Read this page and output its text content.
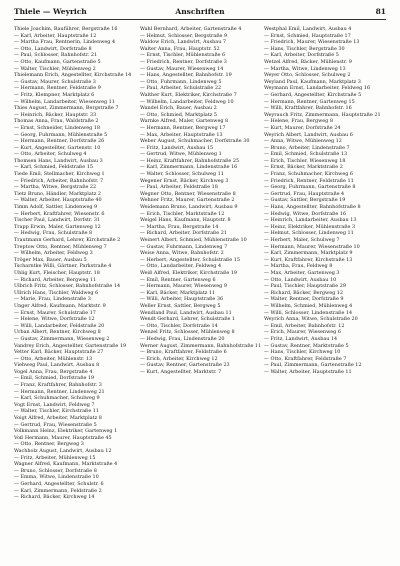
Thiele — Weyrich	Anschriften	81

Thiele Joachim, Bauführer, Bergstraße 16

— Karl, Arbeiter, Hauptstraße 12

— Martha Frau, Rentnerin, Lindenweg 4

— Otto, Landwirt, Dorfstraße 8

— Paul, Schlosser, Bahnhofstr. 21

— Otto, Kaufmann, Gartenstraße 5

— Walter, Tischler, Mühlenweg 2

Thielemann Erich, Angestellter, Kirchstraße 14

— Gustav, Maurer, Schulstraße 3

— Hermann, Rentner, Feldstraße 9

— Fritz, Klempner, Marktplatz 6

— Wilhelm, Landarbeiter, Wiesenweg 11

Thies August, Zimmermann, Bergstraße 7

— Heinrich, Bäcker, Hauptstr. 33

Thomas Anna, Frau, Waldstraße 2

— Ernst, Schneider, Lindenweg 18

— Georg, Fuhrmann, Mühlenstraße 5

— Hermann, Rentner, Dorfstraße 26

— Kurt, Angestellter, Gartenstr. 10

— Otto, Arbeiter, Schulweg 4

Thomsen Hans, Landwirt, Ausbau 3

— Karl, Schmied, Feldstraße 15

Tiede Emil, Stellmacher, Kirchweg 1

— Friedrich, Arbeiter, Bahnhofstr. 7

— Martha, Witwe, Bergstraße 22

Tietz Bruno, Händler, Marktplatz 2

— Walter, Arbeiter, Hauptstraße 40

Timm Adolf, Sattler, Lindenweg 9

— Herbert, Kraftfahrer, Wiesenstr. 6

Tischer Paul, Landwirt, Dorfstr. 31

Trapp Erwin, Maler, Gartenweg 12

— Hedwig, Frau, Schulstraße 8

Trautmann Gerhard, Lehrer, Kirchstraße 2

Treptow Otto, Rentner, Mühlenweg 7

— Wilhelm, Arbeiter, Feldweg 3

Tröger Max, Bauer, Ausbau 5

Tscharntke Willi, Gärtner, Parkstraße 4

Uhlig Kurt, Fleischer, Hauptstr. 18

— Richard, Arbeiter, Bergweg 11

Ulbrich Fritz, Schlosser, Bahnhofstraße 14

Ullrich Hans, Tischler, Waldweg 6

— Marie, Frau, Lindenstraße 3

Unger Alfred, Kaufmann, Marktstr. 9

— Ernst, Maurer, Schulstraße 17

— Helene, Witwe, Dorfstraße 12

— Willi, Landarbeiter, Feldstraße 20

Urban Albert, Rentner, Kirchweg 8

— Gustav, Zimmermann, Wiesenweg 2

Vandrey Erich, Angestellter, Gartenstraße 19

Vetter Karl, Bäcker, Hauptstraße 27

— Otto, Arbeiter, Mühlenstr. 13

Viehweg Paul, Landwirt, Ausbau 8

Vogel Anna, Frau, Bergstraße 4

— Emil, Schmied, Dorfstraße 19

— Franz, Kraftfahrer, Bahnhofstr. 3

— Hermann, Rentner, Lindenweg 21

— Karl, Schuhmacher, Schulweg 9

Vogt Ernst, Landwirt, Feldweg 7

— Walter, Tischler, Kirchstraße 11

Voigt Alfred, Arbeiter, Marktplatz 8

— Gertrud, Frau, Wiesenstraße 5

Volkmann Heinz, Elektriker, Gartenweg 1

Voß Hermann, Maurer, Hauptstraße 45

— Otto, Rentner, Bergweg 3

Wachholz August, Landwirt, Ausbau 12

— Fritz, Arbeiter, Mühlenweg 15

Wagner Alfred, Kaufmann, Marktstraße 4

— Bruno, Schlosser, Dorfstraße 8

— Emma, Witwe, Lindenstraße 10

— Gerhard, Angestellter, Schulstr. 6

— Karl, Zimmermann, Feldstraße 2

— Richard, Bäcker, Kirchweg 14

Wahl Bernhard, Arbeiter, Gartenstraße 4

— Helmut, Schlosser, Bergstraße 9

Waldow Erich, Landwirt, Ausbau 7

Walter Anna, Frau, Hauptstr. 52

— Ernst, Tischler, Mühlenstraße 6

— Friedrich, Rentner, Dorfstraße 3

— Gustav, Maurer, Wiesenweg 14

— Hans, Angestellter, Bahnhofstr. 19

— Otto, Fuhrmann, Lindenweg 5

— Paul, Arbeiter, Schulstraße 22

Walther Kurt, Elektriker, Kirchstraße 7

— Wilhelm, Landarbeiter, Feldweg 10

Wandel Erich, Bauer, Ausbau 2

— Otto, Schmied, Marktplatz 5

Warnke Alfred, Maler, Gartenweg 8

— Hermann, Rentner, Bergweg 17

— Max, Arbeiter, Hauptstraße 13

Weber August, Schuhmacher, Dorfstraße 30

— Fritz, Landwirt, Ausbau 15

— Gertrud, Witwe, Mühlenweg 1

— Heinz, Kraftfahrer, Bahnhofstraße 25

— Karl, Zimmermann, Lindenstraße 16

— Walter, Schlosser, Schulweg 11

Wegener Ernst, Bäcker, Kirchweg 3

— Paul, Arbeiter, Feldstraße 18

Wegner Otto, Rentner, Wiesenstraße 8

Wehner Fritz, Maurer, Gartenstraße 2

Weidemann Bruno, Landwirt, Ausbau 9

— Erich, Tischler, Marktstraße 12

Weigel Hans, Kaufmann, Hauptstr. 8

— Martha, Frau, Bergstraße 14

— Richard, Arbeiter, Dorfstraße 21

Weinert Albert, Schmied, Mühlenstraße 10

— Gustav, Fuhrmann, Lindenweg 7

Weise Anna, Witwe, Bahnhofstr. 2

— Herbert, Angestellter, Schulstraße 15

— Otto, Landarbeiter, Feldweg 4

Weiß Alfred, Elektriker, Kirchstraße 19

— Emil, Rentner, Gartenweg 6

— Hermann, Maurer, Wiesenweg 9

— Karl, Bäcker, Marktplatz 11

— Willi, Arbeiter, Hauptstraße 36

Weller Ernst, Sattler, Bergweg 5

Wendland Paul, Landwirt, Ausbau 11

Wendt Gerhard, Lehrer, Schulstraße 1

— Otto, Tischler, Dorfstraße 14

Wenzel Fritz, Schlosser, Mühlenweg 8

— Hedwig, Frau, Lindenstraße 20

Werner August, Zimmermann, Bahnhofstraße 11

— Bruno, Kraftfahrer, Feldstraße 6

— Erich, Arbeiter, Kirchweg 12

— Gustav, Rentner, Gartenstraße 23

— Kurt, Angestellter, Marktstr. 7

Westphal Emil, Landwirt, Ausbau 4

— Ernst, Schmied, Hauptstraße 17

— Friedrich, Maurer, Wiesenstraße 13

— Hans, Tischler, Bergstraße 30

— Karl, Arbeiter, Dorfstraße 5

Wetzel Alfred, Bäcker, Mühlenstr. 9

— Martha, Witwe, Lindenweg 13

Weyer Otto, Schlosser, Schulweg 2

Weyland Paul, Kaufmann, Marktplatz 3

Weymann Ernst, Landarbeiter, Feldweg 16

— Gerhard, Angestellter, Kirchstraße 5

— Hermann, Rentner, Gartenweg 15

— Willi, Kraftfahrer, Bahnhofstr. 16

Weyrauch Fritz, Zimmermann, Hauptstraße 21

— Helene, Frau, Bergweg 8

— Kurt, Maurer, Dorfstraße 24

Weyrich Albert, Landwirt, Ausbau 6

— Anna, Witwe, Mühlenweg 12

— Bruno, Arbeiter, Lindenstraße 7

— Emil, Schmied, Schulstraße 13

— Erich, Tischler, Wiesenweg 18

— Ernst, Bäcker, Marktstraße 2

— Franz, Schuhmacher, Kirchweg 6

— Friedrich, Rentner, Feldstraße 11

— Georg, Fuhrmann, Gartenstraße 8

— Gertrud, Frau, Hauptstraße 4

— Gustav, Sattler, Bergstraße 19

— Hans, Angestellter, Bahnhofstraße 8

— Hedwig, Witwe, Dorfstraße 16

— Heinrich, Landarbeiter, Ausbau 13

— Heinz, Elektriker, Mühlenstraße 3

— Helmut, Schlosser, Lindenweg 11

— Herbert, Maler, Schulweg 7

— Hermann, Maurer, Wiesenstraße 10

— Karl, Zimmermann, Marktplatz 9

— Kurt, Kraftfahrer, Kirchstraße 13

— Martha, Frau, Feldweg 8

— Max, Arbeiter, Gartenweg 3

— Otto, Landwirt, Ausbau 10

— Paul, Tischler, Hauptstraße 29

— Richard, Bäcker, Bergweg 12

— Walter, Rentner, Dorfstraße 9

— Wilhelm, Schmied, Mühlenweg 4

— Willi, Schlosser, Lindenstraße 14

Weyrich Anna, Witwe, Schulstraße 20

— Emil, Arbeiter, Bahnhofstr. 12

— Erich, Maurer, Wiesenweg 6

— Fritz, Landwirt, Ausbau 14

— Gustav, Rentner, Marktstraße 5

— Hans, Tischler, Kirchweg 10

— Otto, Kraftfahrer, Feldstraße 7

— Paul, Zimmermann, Gartenstraße 12

— Walter, Arbeiter, Hauptstraße 11
